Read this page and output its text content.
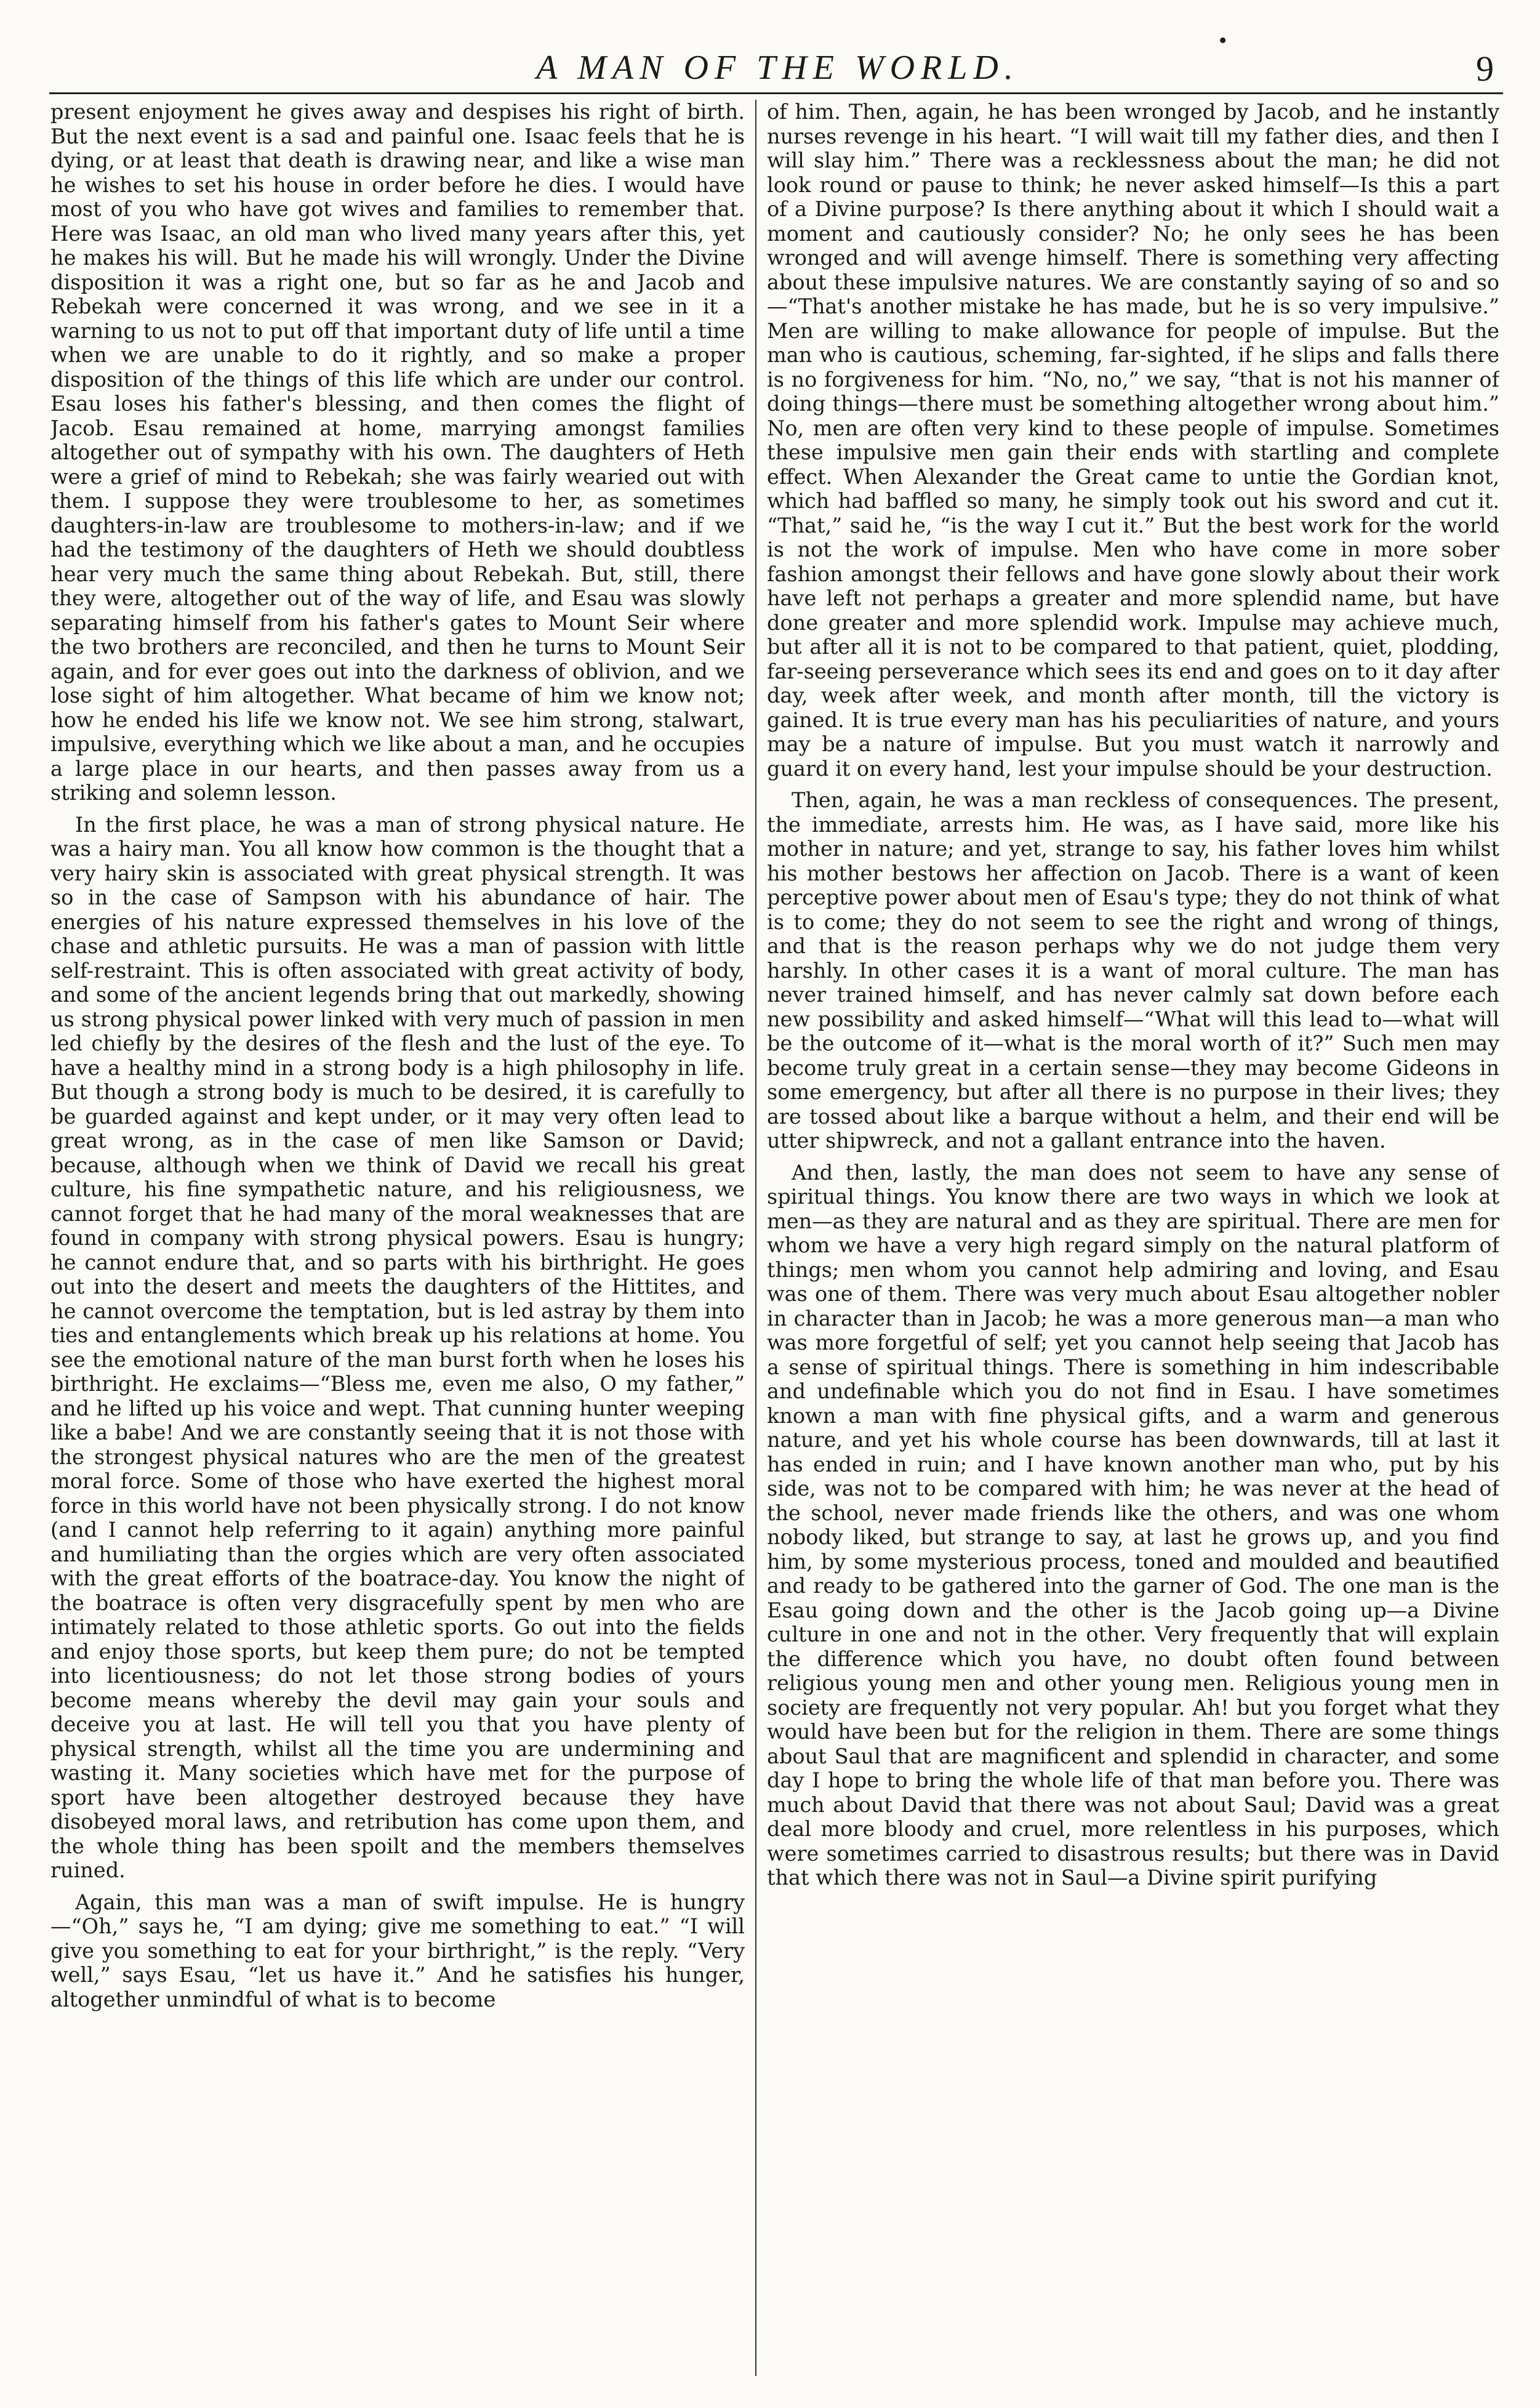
•
A MAN OF THE WORLD.	9

present enjoyment he gives away and despises his right of birth. But the next event is a sad and painful one. Isaac feels that he is dying, or at least that death is drawing near, and like a wise man he wishes to set his house in order before he dies. I would have most of you who have got wives and families to remember that. Here was Isaac, an old man who lived many years after this, yet he makes his will. But he made his will wrongly. Under the Divine disposition it was a right one, but so far as he and Jacob and Rebekah were concerned it was wrong, and we see in it a warning to us not to put off that important duty of life until a time when we are unable to do it rightly, and so make a proper disposition of the things of this life which are under our control. Esau loses his father's blessing, and then comes the flight of Jacob. Esau remained at home, marrying amongst families altogether out of sympathy with his own. The daughters of Heth were a grief of mind to Rebekah; she was fairly wearied out with them. I suppose they were troublesome to her, as sometimes daughters-in-law are troublesome to mothers-in-law; and if we had the testimony of the daughters of Heth we should doubtless hear very much the same thing about Rebekah. But, still, there they were, altogether out of the way of life, and Esau was slowly separating himself from his father's gates to Mount Seir where the two brothers are reconciled, and then he turns to Mount Seir again, and for ever goes out into the darkness of oblivion, and we lose sight of him altogether. What became of him we know not; how he ended his life we know not. We see him strong, stalwart, impulsive, everything which we like about a man, and he occupies a large place in our hearts, and then passes away from us a striking and solemn lesson.

In the first place, he was a man of strong physical nature. He was a hairy man. You all know how common is the thought that a very hairy skin is associated with great physical strength. It was so in the case of Sampson with his abundance of hair. The energies of his nature expressed themselves in his love of the chase and athletic pursuits. He was a man of passion with little self-restraint. This is often associated with great activity of body, and some of the ancient legends bring that out markedly, showing us strong physical power linked with very much of passion in men led chiefly by the desires of the flesh and the lust of the eye. To have a healthy mind in a strong body is a high philosophy in life. But though a strong body is much to be desired, it is carefully to be guarded against and kept under, or it may very often lead to great wrong, as in the case of men like Samson or David; because, although when we think of David we recall his great culture, his fine sympathetic nature, and his religiousness, we cannot forget that he had many of the moral weaknesses that are found in company with strong physical powers. Esau is hungry; he cannot endure that, and so parts with his birthright. He goes out into the desert and meets the daughters of the Hittites, and he cannot overcome the temptation, but is led astray by them into ties and entanglements which break up his relations at home. You see the emotional nature of the man burst forth when he loses his birthright. He exclaims—“Bless me, even me also, O my father,” and he lifted up his voice and wept. That cunning hunter weeping like a babe! And we are constantly seeing that it is not those with the strongest physical natures who are the men of the greatest moral force. Some of those who have exerted the highest moral force in this world have not been physically strong. I do not know (and I cannot help referring to it again) anything more painful and humiliating than the orgies which are very often associated with the great efforts of the boatrace-day. You know the night of the boatrace is often very disgracefully spent by men who are intimately related to those athletic sports. Go out into the fields and enjoy those sports, but keep them pure; do not be tempted into licentiousness; do not let those strong bodies of yours become means whereby the devil may gain your souls and deceive you at last. He will tell you that you have plenty of physical strength, whilst all the time you are undermining and wasting it. Many societies which have met for the purpose of sport have been altogether destroyed because they have disobeyed moral laws, and retribution has come upon them, and the whole thing has been spoilt and the members themselves ruined.

Again, this man was a man of swift impulse. He is hungry—“Oh,” says he, “I am dying; give me something to eat.” “I will give you something to eat for your birthright,” is the reply. “Very well,” says Esau, “let us have it.” And he satisfies his hunger, altogether unmindful of what is to become

of him. Then, again, he has been wronged by Jacob, and he instantly nurses revenge in his heart. “I will wait till my father dies, and then I will slay him.” There was a recklessness about the man; he did not look round or pause to think; he never asked himself—Is this a part of a Divine purpose? Is there anything about it which I should wait a moment and cautiously consider? No; he only sees he has been wronged and will avenge himself. There is something very affecting about these impulsive natures. We are constantly saying of so and so—“That's another mistake he has made, but he is so very impulsive.” Men are willing to make allowance for people of impulse. But the man who is cautious, scheming, far-sighted, if he slips and falls there is no forgiveness for him. “No, no,” we say, “that is not his manner of doing things—there must be something altogether wrong about him.” No, men are often very kind to these people of impulse. Sometimes these impulsive men gain their ends with startling and complete effect. When Alexander the Great came to untie the Gordian knot, which had baffled so many, he simply took out his sword and cut it. “That,” said he, “is the way I cut it.” But the best work for the world is not the work of impulse. Men who have come in more sober fashion amongst their fellows and have gone slowly about their work have left not perhaps a greater and more splendid name, but have done greater and more splendid work. Impulse may achieve much, but after all it is not to be compared to that patient, quiet, plodding, far-seeing perseverance which sees its end and goes on to it day after day, week after week, and month after month, till the victory is gained. It is true every man has his peculiarities of nature, and yours may be a nature of impulse. But you must watch it narrowly and guard it on every hand, lest your impulse should be your destruction.

Then, again, he was a man reckless of consequences. The present, the immediate, arrests him. He was, as I have said, more like his mother in nature; and yet, strange to say, his father loves him whilst his mother bestows her affection on Jacob. There is a want of keen perceptive power about men of Esau's type; they do not think of what is to come; they do not seem to see the right and wrong of things, and that is the reason perhaps why we do not judge them very harshly. In other cases it is a want of moral culture. The man has never trained himself, and has never calmly sat down before each new possibility and asked himself—“What will this lead to—what will be the outcome of it—what is the moral worth of it?” Such men may become truly great in a certain sense—they may become Gideons in some emergency, but after all there is no purpose in their lives; they are tossed about like a barque without a helm, and their end will be utter shipwreck, and not a gallant entrance into the haven.

And then, lastly, the man does not seem to have any sense of spiritual things. You know there are two ways in which we look at men—as they are natural and as they are spiritual. There are men for whom we have a very high regard simply on the natural platform of things; men whom you cannot help admiring and loving, and Esau was one of them. There was very much about Esau altogether nobler in character than in Jacob; he was a more generous man—a man who was more forgetful of self; yet you cannot help seeing that Jacob has a sense of spiritual things. There is something in him indescribable and undefinable which you do not find in Esau. I have sometimes known a man with fine physical gifts, and a warm and generous nature, and yet his whole course has been downwards, till at last it has ended in ruin; and I have known another man who, put by his side, was not to be compared with him; he was never at the head of the school, never made friends like the others, and was one whom nobody liked, but strange to say, at last he grows up, and you find him, by some mysterious process, toned and moulded and beautified and ready to be gathered into the garner of God. The one man is the Esau going down and the other is the Jacob going up—a Divine culture in one and not in the other. Very frequently that will explain the difference which you have, no doubt often found between religious young men and other young men. Religious young men in society are frequently not very popular. Ah! but you forget what they would have been but for the religion in them. There are some things about Saul that are magnificent and splendid in character, and some day I hope to bring the whole life of that man before you. There was much about David that there was not about Saul; David was a great deal more bloody and cruel, more relentless in his purposes, which were sometimes carried to disastrous results; but there was in David that which there was not in Saul—a Divine spirit purifying
